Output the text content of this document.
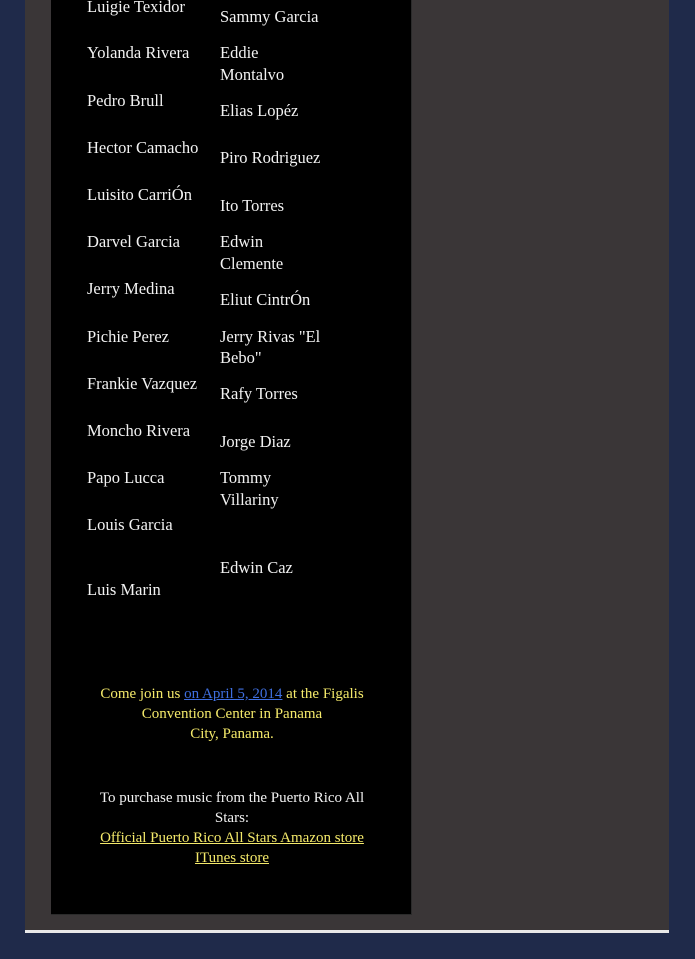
Luigie Texidor
Yolanda Rivera
Pedro Brull
Hector Camacho
Luisito CarriÓn
Darvel Garcia
Jerry Medina
Pichie Perez
Frankie Vazquez
Moncho Rivera
Papo Lucca
Louis Garcia
Luis Marin
Sammy Garcia
Eddie
Montalvo
Elias Lopéz
Piro Rodriguez
Ito Torres
Edwin
Clemente
Eliut CintrÓn
Jerry Rivas "El
Bebo"
Rafy Torres
Jorge Diaz
Tommy
Villariny
Edwin Caz
Come join us on April 5, 2014 at the Figalis
Convention Center in Panama
City, Panama.
To purchase music from the Puerto Rico All
Stars:
Official Puerto Rico All Stars Amazon store
ITunes store
